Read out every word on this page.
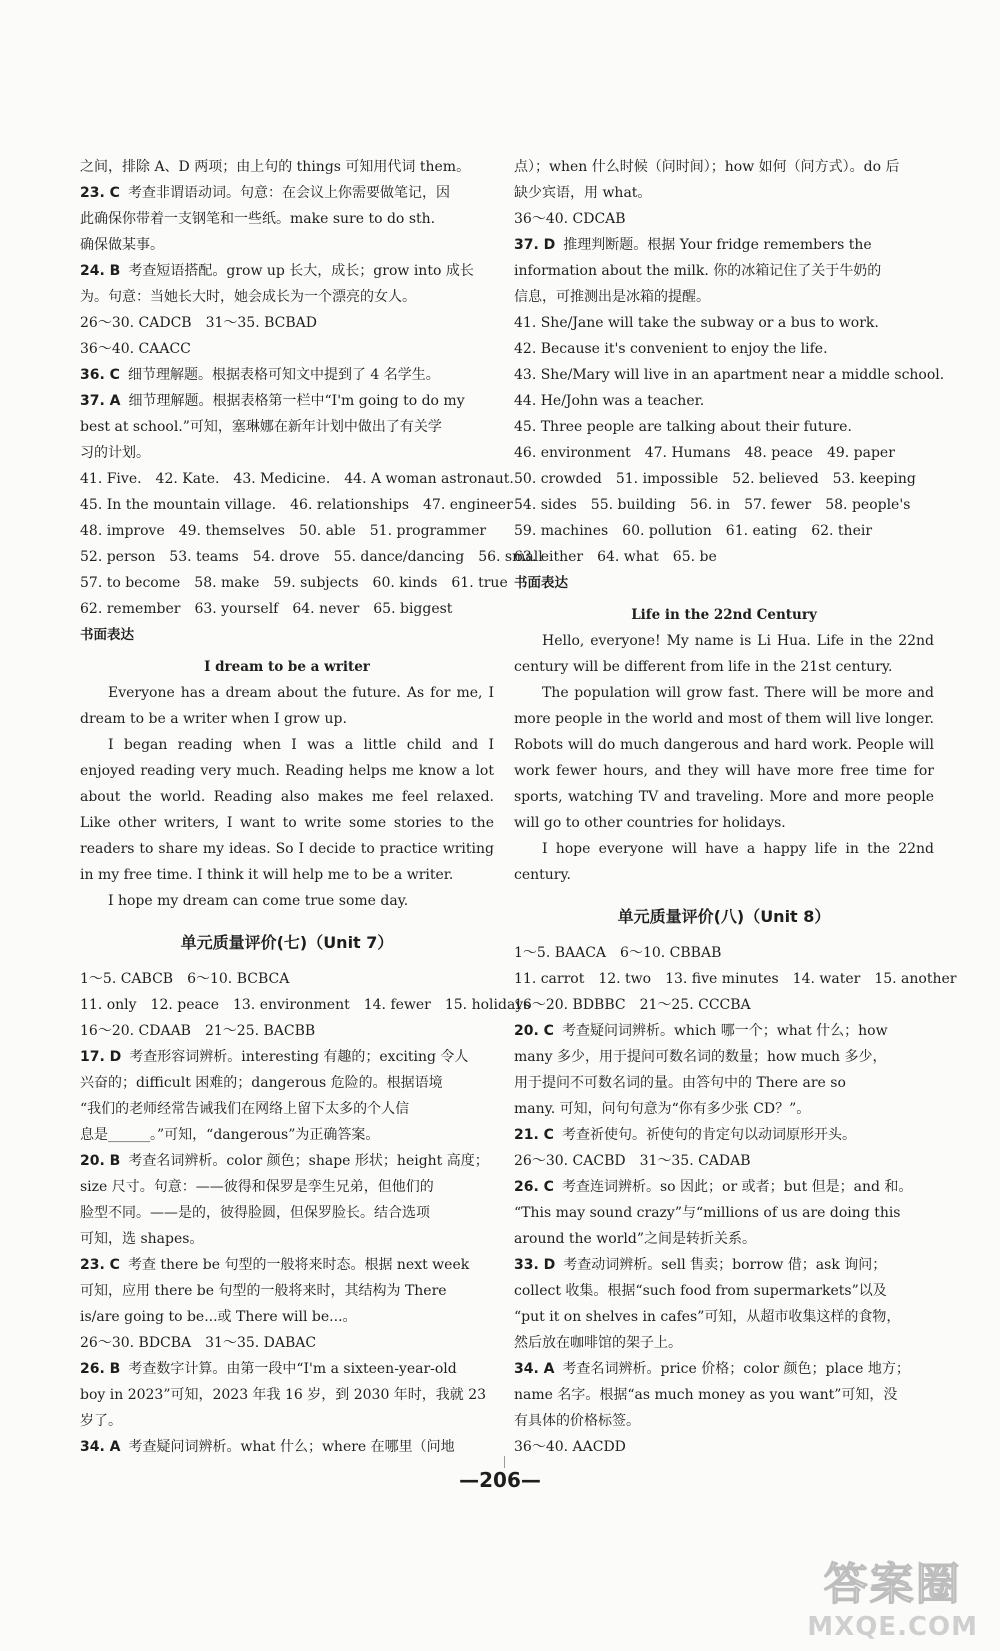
之间，排除 A、D 两项；由上句的 things 可知用代词 them。
23. C 考查非谓语动词。句意：在会议上你需要做笔记，因
此确保你带着一支钢笔和一些纸。make sure to do sth.
确保做某事。
24. B 考查短语搭配。grow up 长大，成长；grow into 成长
为。句意：当她长大时，她会成长为一个漂亮的女人。
26～30. CADCB　31～35. BCBAD
36～40. CAACC
36. C 细节理解题。根据表格可知文中提到了 4 名学生。
37. A 细节理解题。根据表格第一栏中“I'm going to do my
best at school.”可知，塞琳娜在新年计划中做出了有关学
习的计划。
41. Five.　42. Kate.　43. Medicine.　44. A woman astronaut.
45. In the mountain village.　46. relationships　47. engineer
48. improve　49. themselves　50. able　51. programmer
52. person　53. teams　54. drove　55. dance/dancing　56. small
57. to become　58. make　59. subjects　60. kinds　61. true
62. remember　63. yourself　64. never　65. biggest
书面表达
I dream to be a writer
Everyone has a dream about the future. As for me, I dream to be a writer when I grow up.
I began reading when I was a little child and I enjoyed reading very much. Reading helps me know a lot about the world. Reading also makes me feel relaxed. Like other writers, I want to write some stories to the readers to share my ideas. So I decide to practice writing in my free time. I think it will help me to be a writer.
I hope my dream can come true some day.
单元质量评价(七)（Unit 7）
1～5. CABCB　6～10. BCBCA
11. only　12. peace　13. environment　14. fewer　15. holidays
16～20. CDAAB　21～25. BACBB
17. D 考查形容词辨析。interesting 有趣的；exciting 令人
兴奋的；difficult 困难的；dangerous 危险的。根据语境
“我们的老师经常告诫我们在网络上留下太多的个人信
息是______。”可知，“dangerous”为正确答案。
20. B 考查名词辨析。color 颜色；shape 形状；height 高度；
size 尺寸。句意：——彼得和保罗是孪生兄弟，但他们的
脸型不同。——是的，彼得脸圆，但保罗脸长。结合选项
可知，选 shapes。
23. C 考查 there be 句型的一般将来时态。根据 next week
可知，应用 there be 句型的一般将来时，其结构为 There
is/are going to be...或 There will be...。
26～30. BDCBA　31～35. DABAC
26. B 考查数字计算。由第一段中“I'm a sixteen-year-old
boy in 2023”可知，2023 年我 16 岁，到 2030 年时，我就 23
岁了。
34. A 考查疑问词辨析。what 什么；where 在哪里（问地
点）；when 什么时候（问时间）；how 如何（问方式）。do 后
缺少宾语，用 what。
36～40. CDCAB
37. D 推理判断题。根据 Your fridge remembers the
information about the milk. 你的冰箱记住了关于牛奶的
信息，可推测出是冰箱的提醒。
41. She/Jane will take the subway or a bus to work.
42. Because it's convenient to enjoy the life.
43. She/Mary will live in an apartment near a middle school.
44. He/John was a teacher.
45. Three people are talking about their future.
46. environment　47. Humans　48. peace　49. paper
50. crowded　51. impossible　52. believed　53. keeping
54. sides　55. building　56. in　57. fewer　58. people's
59. machines　60. pollution　61. eating　62. their
63. either　64. what　65. be
书面表达
Life in the 22nd Century
Hello, everyone! My name is Li Hua. Life in the 22nd century will be different from life in the 21st century.
The population will grow fast. There will be more and more people in the world and most of them will live longer. Robots will do much dangerous and hard work. People will work fewer hours, and they will have more free time for sports, watching TV and traveling. More and more people will go to other countries for holidays.
I hope everyone will have a happy life in the 22nd century.
单元质量评价(八)（Unit 8）
1～5. BAACA　6～10. CBBAB
11. carrot　12. two　13. five minutes　14. water　15. another
16～20. BDBBC　21～25. CCCBA
20. C 考查疑问词辨析。which 哪一个；what 什么；how
many 多少，用于提问可数名词的数量；how much 多少，
用于提问不可数名词的量。由答句中的 There are so
many. 可知，问句句意为“你有多少张 CD？”。
21. C 考查祈使句。祈使句的肯定句以动词原形开头。
26～30. CACBD　31～35. CADAB
26. C 考查连词辨析。so 因此；or 或者；but 但是；and 和。
“This may sound crazy”与“millions of us are doing this
around the world”之间是转折关系。
33. D 考查动词辨析。sell 售卖；borrow 借；ask 询问；
collect 收集。根据“such food from supermarkets”以及
“put it on shelves in cafes”可知，从超市收集这样的食物，
然后放在咖啡馆的架子上。
34. A 考查名词辨析。price 价格；color 颜色；place 地方；
name 名字。根据“as much money as you want”可知，没
有具体的价格标签。
36～40. AACDD
—206—
答案圈
MXQE.COM
